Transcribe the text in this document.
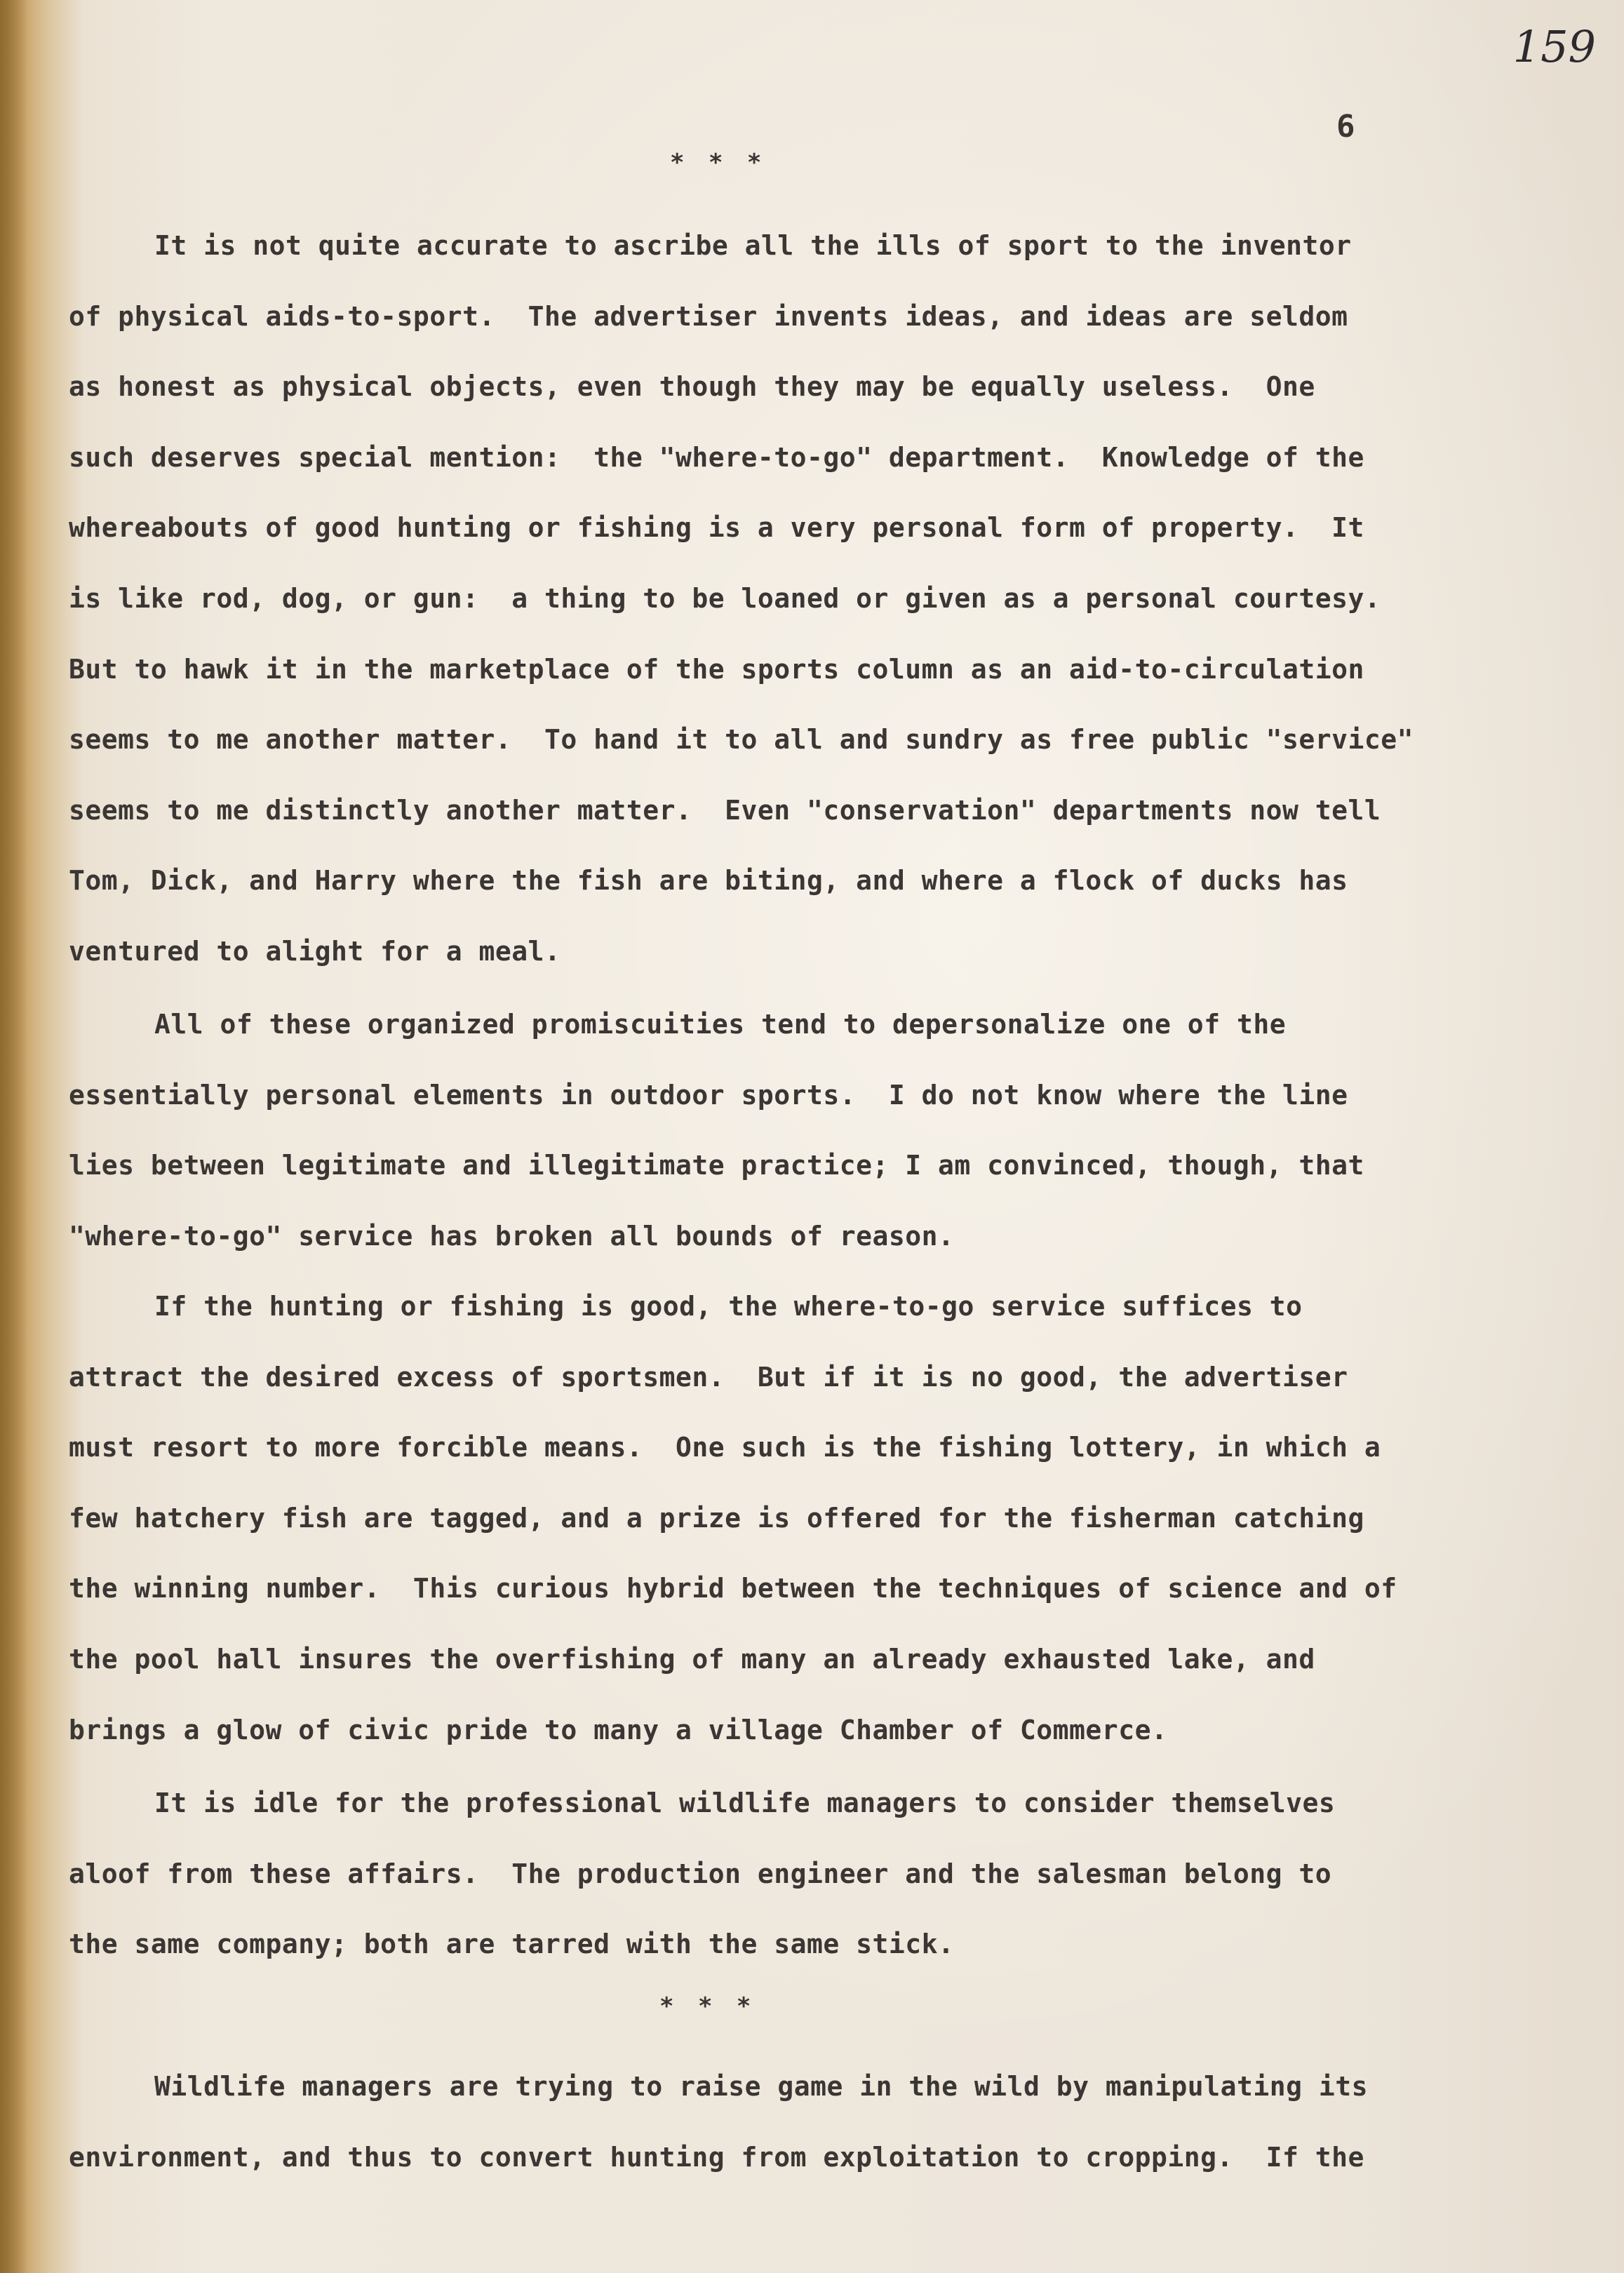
159
6
* * *
It is not quite accurate to ascribe all the ills of sport to the inventor
of physical aids-to-sport.  The advertiser invents ideas, and ideas are seldom
as honest as physical objects, even though they may be equally useless.  One
such deserves special mention:  the "where-to-go" department.  Knowledge of the
whereabouts of good hunting or fishing is a very personal form of property.  It
is like rod, dog, or gun:  a thing to be loaned or given as a personal courtesy.
But to hawk it in the marketplace of the sports column as an aid-to-circulation
seems to me another matter.  To hand it to all and sundry as free public "service"
seems to me distinctly another matter.  Even "conservation" departments now tell
Tom, Dick, and Harry where the fish are biting, and where a flock of ducks has
ventured to alight for a meal.
All of these organized promiscuities tend to depersonalize one of the
essentially personal elements in outdoor sports.  I do not know where the line
lies between legitimate and illegitimate practice; I am convinced, though, that
"where-to-go" service has broken all bounds of reason.
If the hunting or fishing is good, the where-to-go service suffices to
attract the desired excess of sportsmen.  But if it is no good, the advertiser
must resort to more forcible means.  One such is the fishing lottery, in which a
few hatchery fish are tagged, and a prize is offered for the fisherman catching
the winning number.  This curious hybrid between the techniques of science and of
the pool hall insures the overfishing of many an already exhausted lake, and
brings a glow of civic pride to many a village Chamber of Commerce.
It is idle for the professional wildlife managers to consider themselves
aloof from these affairs.  The production engineer and the salesman belong to
the same company; both are tarred with the same stick.
* * *
Wildlife managers are trying to raise game in the wild by manipulating its
environment, and thus to convert hunting from exploitation to cropping.  If the
